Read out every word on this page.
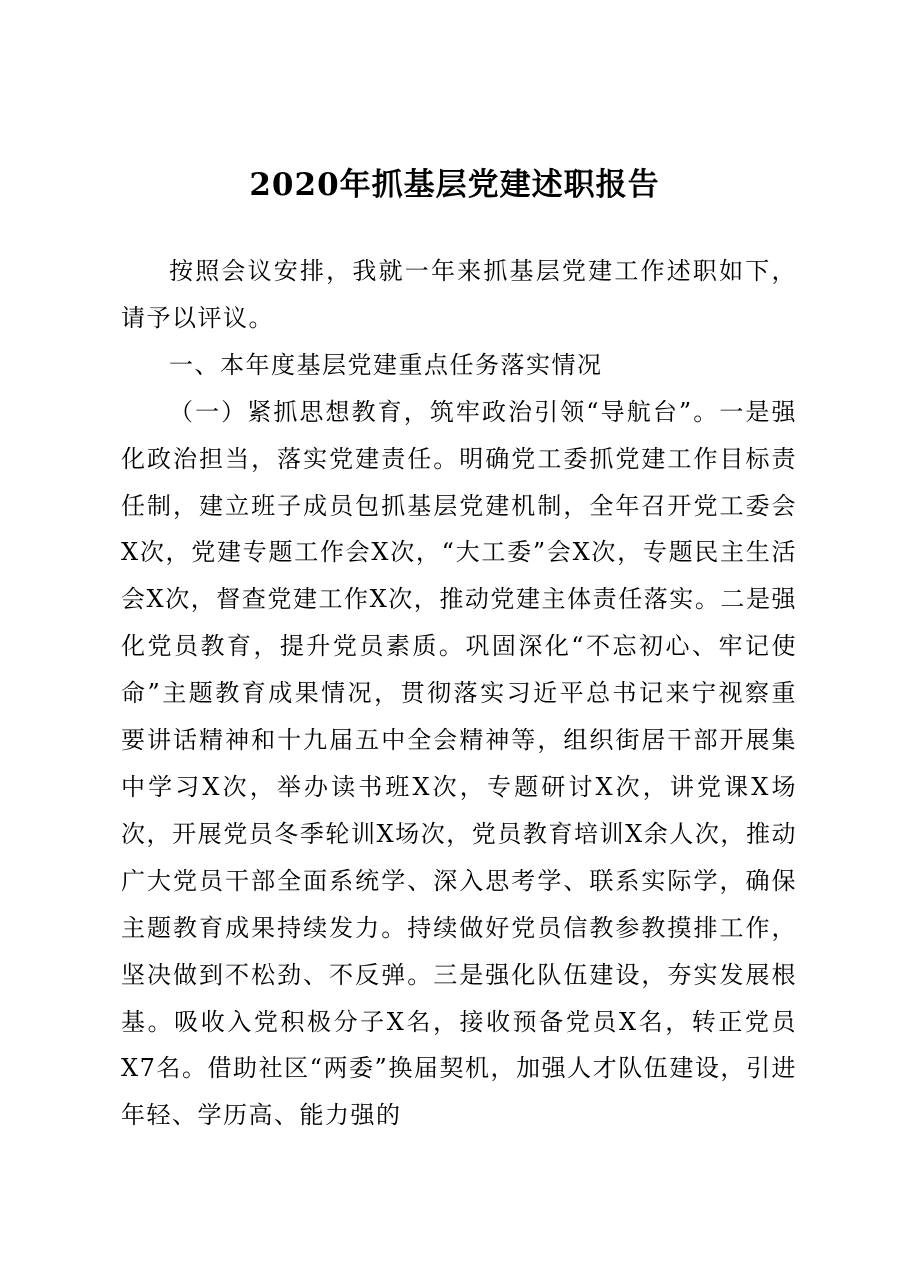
2020年抓基层党建述职报告

按照会议安排，我就一年来抓基层党建工作述职如下，请予以评议。

一、本年度基层党建重点任务落实情况

（一）紧抓思想教育，筑牢政治引领“导航台”。一是强化政治担当，落实党建责任。明确党工委抓党建工作目标责任制，建立班子成员包抓基层党建机制，全年召开党工委会X次，党建专题工作会X次，“大工委”会X次，专题民主生活会X次，督查党建工作X次，推动党建主体责任落实。二是强化党员教育，提升党员素质。巩固深化“不忘初心、牢记使命”主题教育成果情况，贯彻落实习近平总书记来宁视察重要讲话精神和十九届五中全会精神等，组织街居干部开展集中学习X次，举办读书班X次，专题研讨X次，讲党课X场次，开展党员冬季轮训X场次，党员教育培训X余人次，推动广大党员干部全面系统学、深入思考学、联系实际学，确保主题教育成果持续发力。持续做好党员信教参教摸排工作，坚决做到不松劲、不反弹。三是强化队伍建设，夯实发展根基。吸收入党积极分子X名，接收预备党员X名，转正党员X7名。借助社区“两委”换届契机，加强人才队伍建设，引进年轻、学历高、能力强的
